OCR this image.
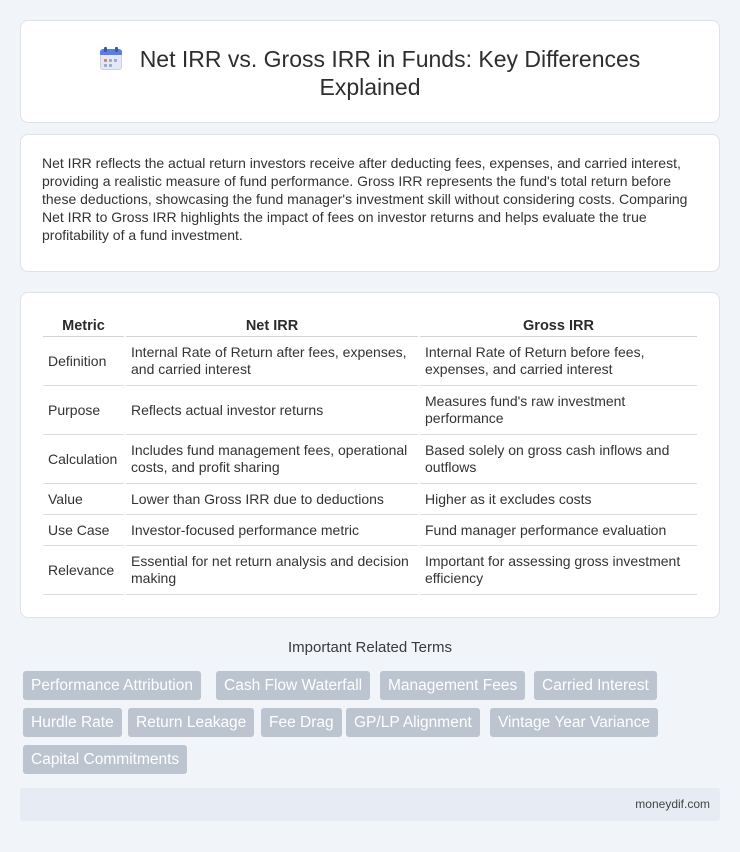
Net IRR vs. Gross IRR in Funds: Key Differences
Explained

Net IRR reflects the actual return investors receive after deducting fees, expenses, and carried interest, providing a realistic measure of fund performance. Gross IRR represents the fund's total return before these deductions, showcasing the fund manager's investment skill without considering costs. Comparing Net IRR to Gross IRR highlights the impact of fees on investor returns and helps evaluate the true profitability of a fund investment.

Metric	Net IRR	Gross IRR
Definition	Internal Rate of Return after fees, expenses, and carried interest	Internal Rate of Return before fees, expenses, and carried interest
Purpose	Reflects actual investor returns	Measures fund's raw investment performance
Calculation	Includes fund management fees, operational costs, and profit sharing	Based solely on gross cash inflows and outflows
Value	Lower than Gross IRR due to deductions	Higher as it excludes costs
Use Case	Investor-focused performance metric	Fund manager performance evaluation
Relevance	Essential for net return analysis and decision making	Important for assessing gross investment efficiency
Important Related Terms
Performance Attribution	Cash Flow Waterfall	Management Fees	Carried Interest
Hurdle Rate	Return Leakage	Fee Drag	GP/LP Alignment	Vintage Year Variance
Capital Commitments
moneydif.com
